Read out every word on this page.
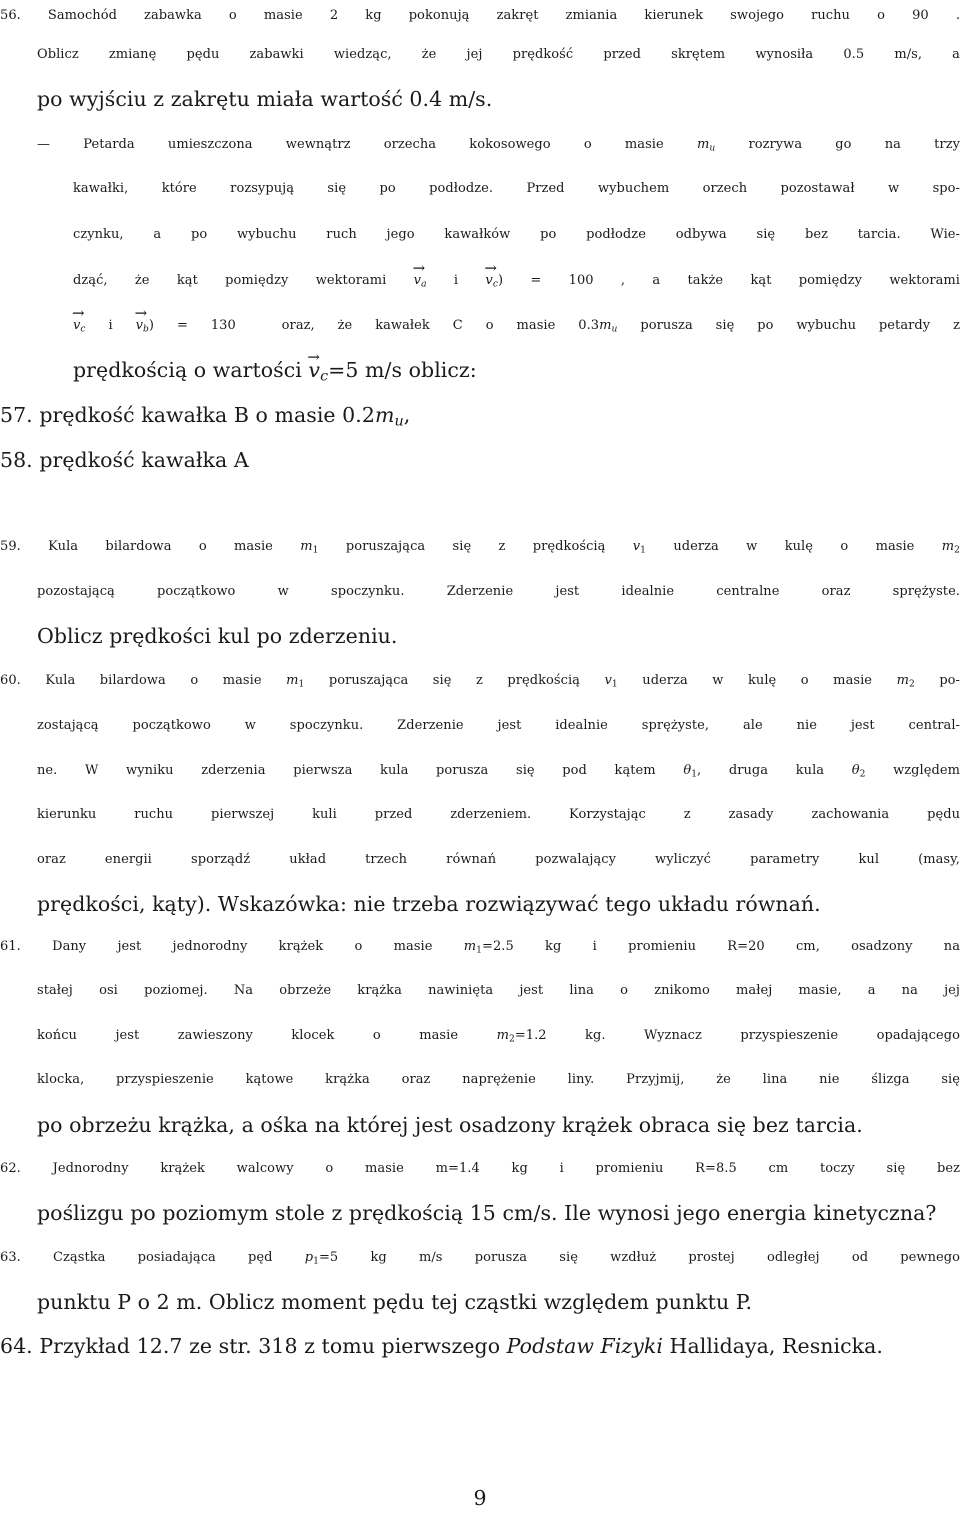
56. Samochód zabawka o masie 2 kg pokonują zakręt zmiania kierunek swojego ruchu o 90 .
Oblicz zmianę pędu zabawki wiedząc, że jej prędkość przed skrętem wynosiła 0.5 m/s, a
po wyjściu z zakrętu miała wartość 0.4 m/s.
— Petarda umieszczona wewnątrz orzecha kokosowego o masie $m_u$ rozrywa go na trzy
kawałki, które rozsypują się po podłodze. Przed wybuchem orzech pozostawał w spo-
czynku, a po wybuchu ruch jego kawałków po podłodze odbywa się bez tarcia. Wie-
dząć, że kąt pomiędzy wektorami → $v_a$ $i \to v_c) = 100$ , a także kąt pomiędzy wektorami
→ $v_c$ $i \to v_b) = 130$  oraz, że kawałek C o masie $0.3m_u$ porusza się po wybuchu petardy z
prędkością o wartości → $v_c=5$ m/s oblicz:
57. prędkość kawałka B o masie $0.2m_u$,
58. prędkość kawałka A
59. Kula bilardowa o masie $m_1$ poruszająca się z prędkością $v_1$ uderza w kulę o masie $m_2$
pozostającą początkowo w spoczynku. Zderzenie jest idealnie centralne oraz sprężyste.
Oblicz prędkości kul po zderzeniu.
60. Kula bilardowa o masie $m_1$ poruszająca się z prędkością $v_1$ uderza w kulę o masie $m_2$ po-
zostającą początkowo w spoczynku. Zderzenie jest idealnie sprężyste, ale nie jest central-
ne. W wyniku zderzenia pierwsza kula porusza się pod kątem $\theta_1$, druga kula $\theta_2$ względem
kierunku ruchu pierwszej kuli przed zderzeniem. Korzystając z zasady zachowania pędu
oraz energii sporządź układ trzech równań pozwalający wyliczyć parametry kul (masy,
prędkości, kąty). Wskazówka: nie trzeba rozwiązywać tego układu równań.
61. Dany jest jednorodny krążek o masie $m_1=2.5$ kg i promieniu R=20 cm, osadzony na
stałej osi poziomej. Na obrzeże krążka nawinięta jest lina o znikomo małej masie, a na jej
końcu jest zawieszony klocek o masie $m_2=1.2$ kg. Wyznacz przyspieszenie opadającego
klocka, przyspieszenie kątowe krążka oraz naprężenie liny. Przyjmij, że lina nie ślizga się
po obrzeżu krążka, a ośka na której jest osadzony krążek obraca się bez tarcia.
62. Jednorodny krążek walcowy o masie m=1.4 kg i promieniu R=8.5 cm toczy się bez
poślizgu po poziomym stole z prędkością 15 cm/s. Ile wynosi jego energia kinetyczna?
63. Cząstka posiadająca pęd $p_1=5$ kg m/s porusza się wzdłuż prostej odległej od pewnego
punktu P o 2 m. Oblicz moment pędu tej cząstki względem punktu P.
64. Przykład 12.7 ze str. 318 z tomu pierwszego Podstaw Fizyki Hallidaya, Resnicka.
9
